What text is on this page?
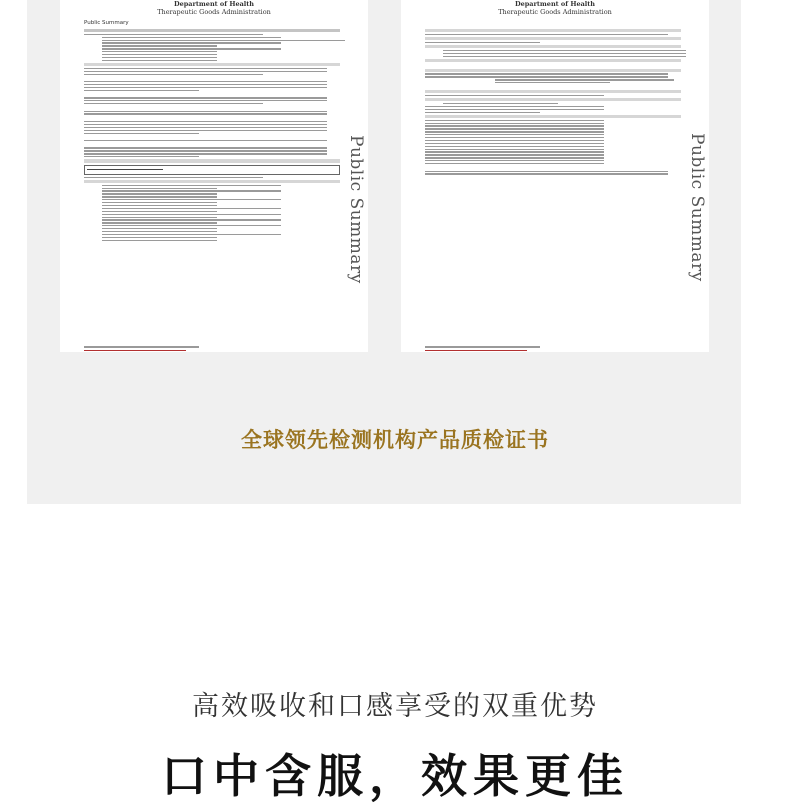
Department of Health
Therapeutic Goods Administration
Public Summary
Public Summary
Department of Health
Therapeutic Goods Administration
Public Summary
全球领先检测机构产品质检证书
高效吸收和口感享受的双重优势
口中含服，效果更佳
